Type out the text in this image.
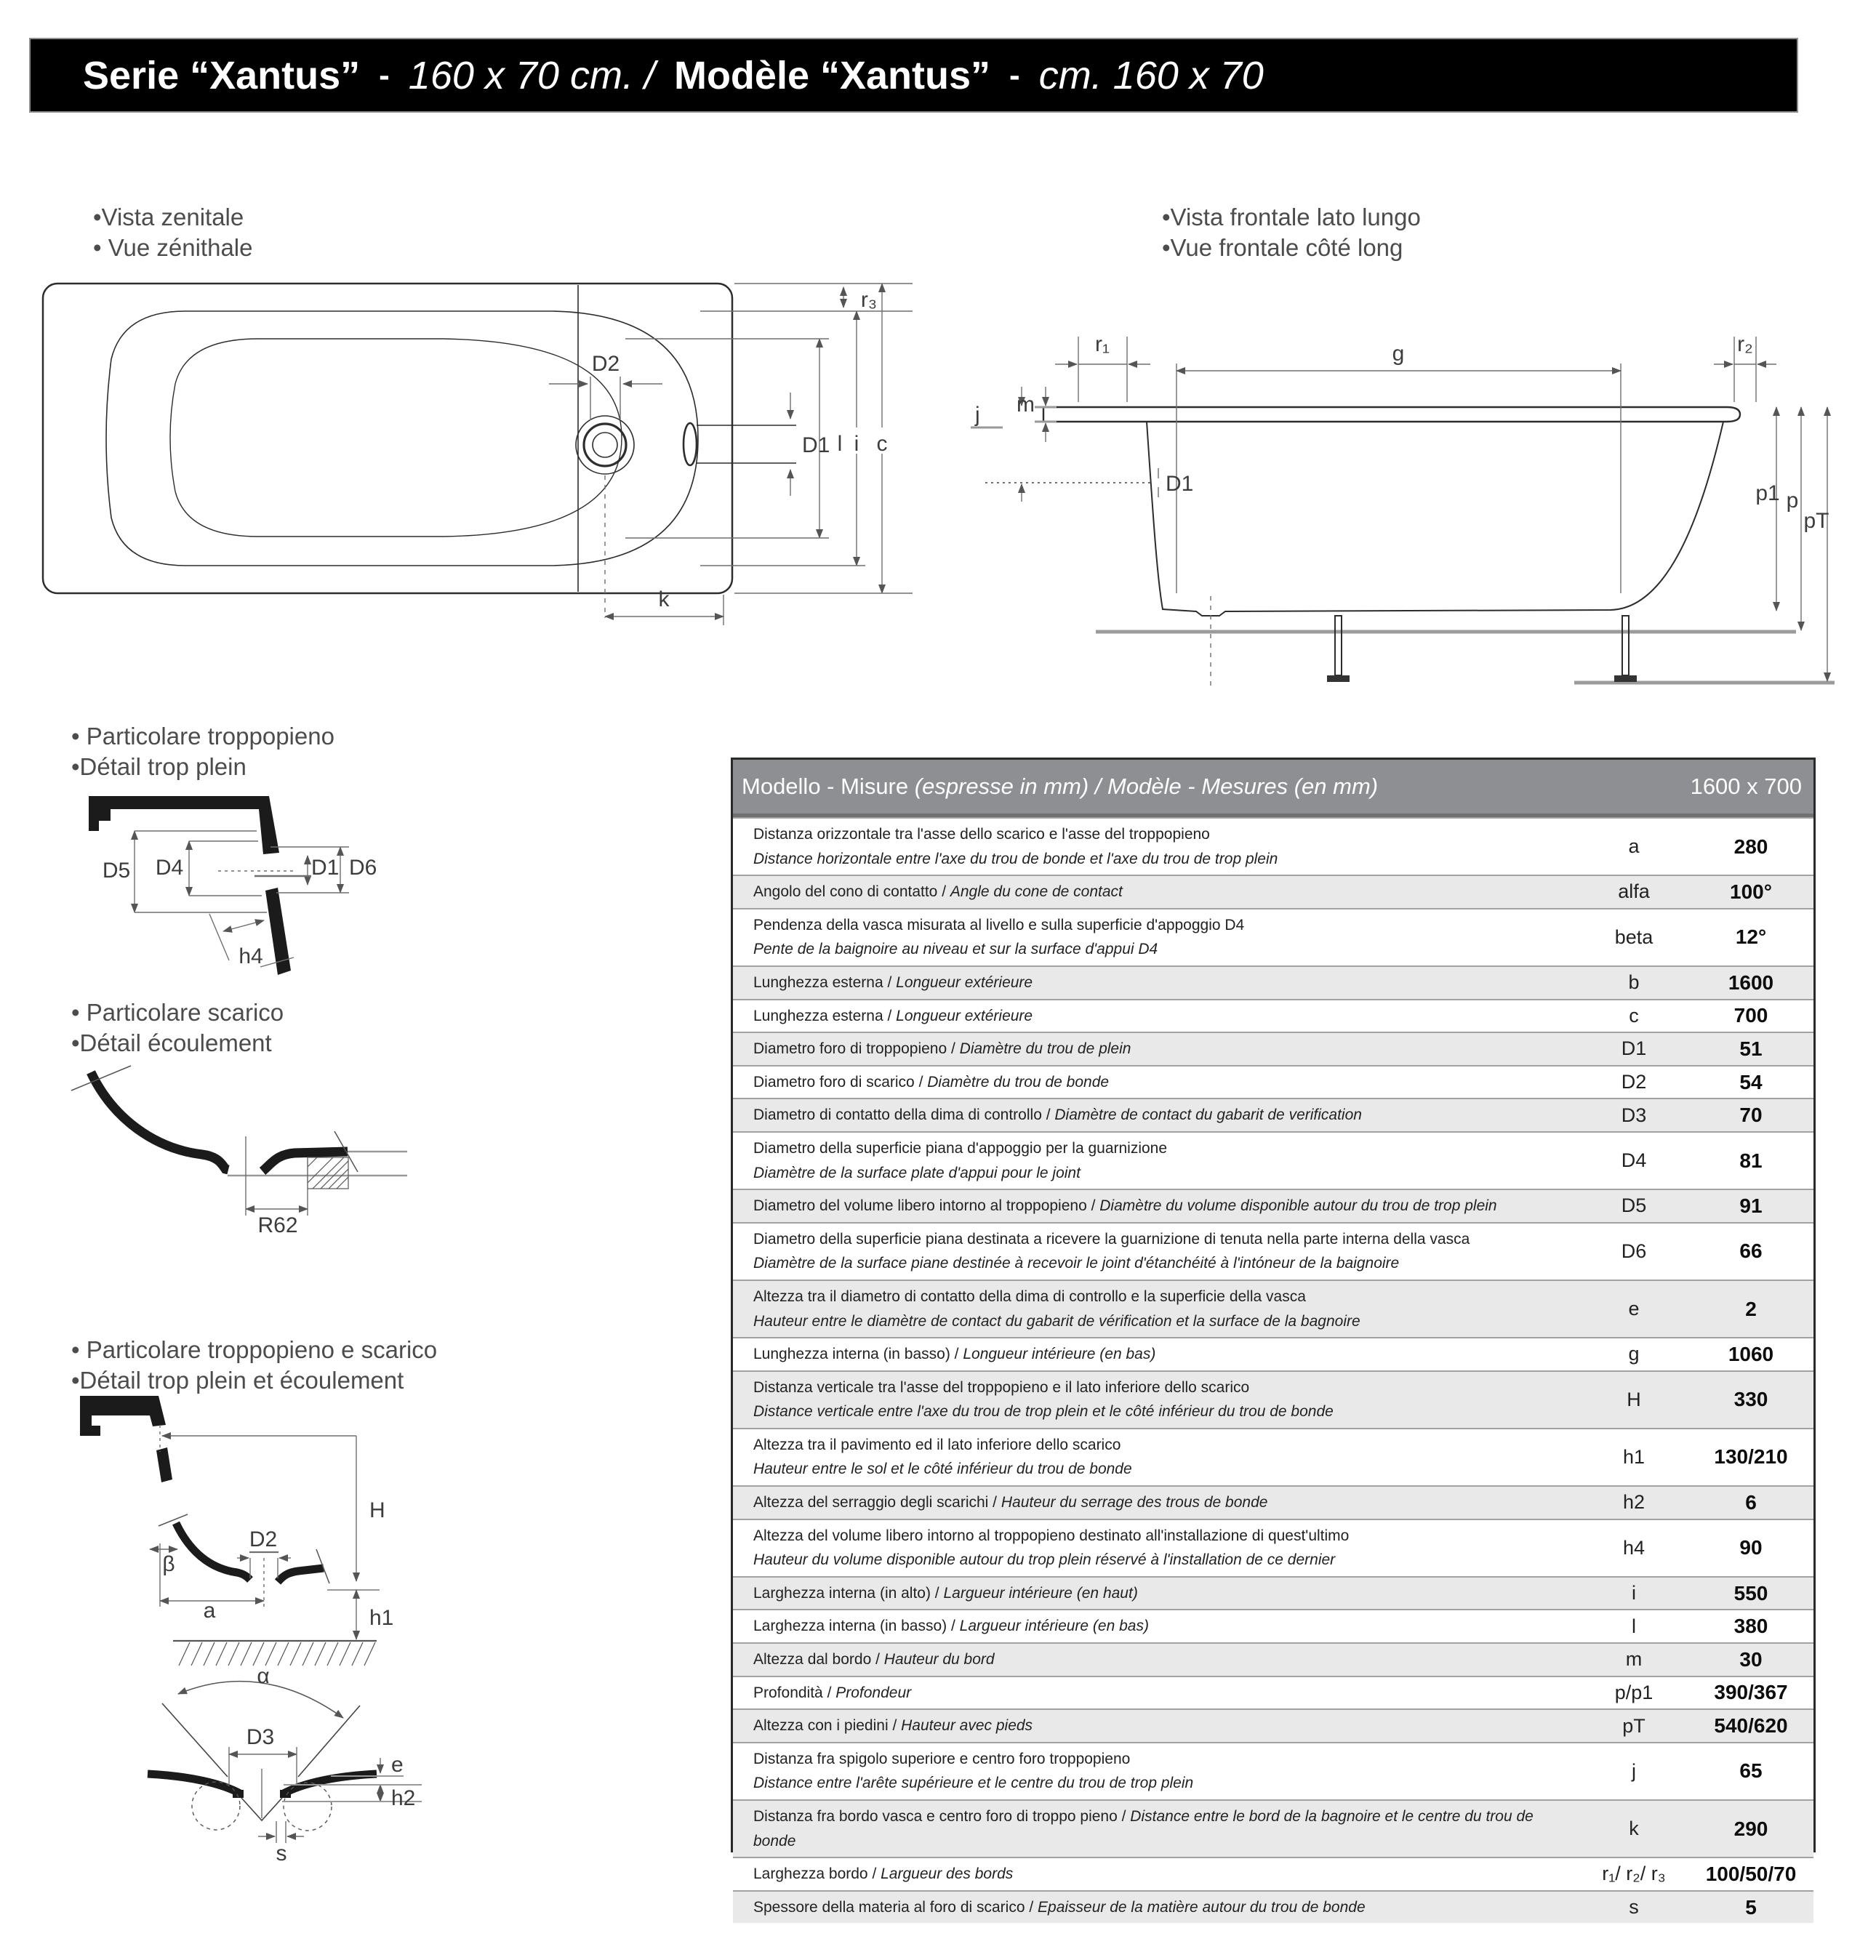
Serie “Xantus” - 160 x 70 cm. / Modèle “Xantus” - cm. 160 x 70
•Vista zenitale
• Vue zénithale
•Vista frontale lato lungo
•Vue frontale côté long
• Particolare troppopieno
•Détail trop plein
• Particolare scarico
•Détail écoulement
• Particolare troppopieno e scarico
•Détail trop plein et écoulement
D2
D1 l i c
r₃
k
r₁	g	r₂
j m
D1	p1 p
pT
D5 D4	D1 D6
h4
R62
H
β
D2
a	h1
α
D3
e
h2
s
Modello - Misure (espresse in mm) / Modèle - Mesures (en mm)	1600 x 700
Distanza orizzontale tra l'asse dello scarico e l'asse del troppopieno
Distance horizontale entre l'axe du trou de bonde et l'axe du trou de trop plein
a	280
Angolo del cono di contatto / Angle du cone de contact	alfa	100°
Pendenza della vasca misurata al livello e sulla superficie d'appoggio D4
Pente de la baignoire au niveau et sur la surface d'appui D4
beta	12°
Lunghezza esterna / Longueur extérieure	b	1600
Lunghezza esterna / Longueur extérieure	c	700
Diametro foro di troppopieno / Diamètre du trou de plein	D1	51
Diametro foro di scarico / Diamètre du trou de bonde	D2	54
Diametro di contatto della dima di controllo / Diamètre de contact du gabarit de verification	D3	70
Diametro della superficie piana d'appoggio per la guarnizione
Diamètre de la surface plate d'appui pour le joint
D4	81
Diametro del volume libero intorno al troppopieno / Diamètre du volume disponible autour du trou de trop plein	D5	91
Diametro della superficie piana destinata a ricevere la guarnizione di tenuta nella parte interna della vasca
Diamètre de la surface piane destinée à recevoir le joint d'étanchéité à l'intóneur de la baignoire
D6	66
Altezza tra il diametro di contatto della dima di controllo e la superficie della vasca
Hauteur entre le diamètre de contact du gabarit de vérification et la surface de la bagnoire
e	2
Lunghezza interna (in basso) / Longueur intérieure (en bas)	g	1060
Distanza verticale tra l'asse del troppopieno e il lato inferiore dello scarico
Distance verticale entre l'axe du trou de trop plein et le côté inférieur du trou de bonde
H	330
Altezza tra il pavimento ed il lato inferiore dello scarico
Hauteur entre le sol et le côté inférieur du trou de bonde
h1	130/210
Altezza del serraggio degli scarichi / Hauteur du serrage des trous de bonde	h2	6
Altezza del volume libero intorno al troppopieno destinato all'installazione di quest'ultimo
Hauteur du volume disponible autour du trop plein réservé à l'installation de ce dernier
h4	90
Larghezza interna (in alto) / Largueur intérieure (en haut)	i	550
Larghezza interna (in basso) / Largueur intérieure (en bas)	l	380
Altezza dal bordo / Hauteur du bord	m	30
Profondità / Profondeur	p/p1	390/367
Altezza con i piedini / Hauteur avec pieds	pT	540/620
Distanza fra spigolo superiore e centro foro troppopieno
Distance entre l'arête supérieure et le centre du trou de trop plein
j	65
Distanza fra bordo vasca e centro foro di troppo pieno / Distance entre le bord de la bagnoire et le centre du trou de bonde
k	290
Larghezza bordo / Largueur des bords	r₁/ r₂/ r₃	100/50/70
Spessore della materia al foro di scarico / Epaisseur de la matière autour du trou de bonde	s	5
